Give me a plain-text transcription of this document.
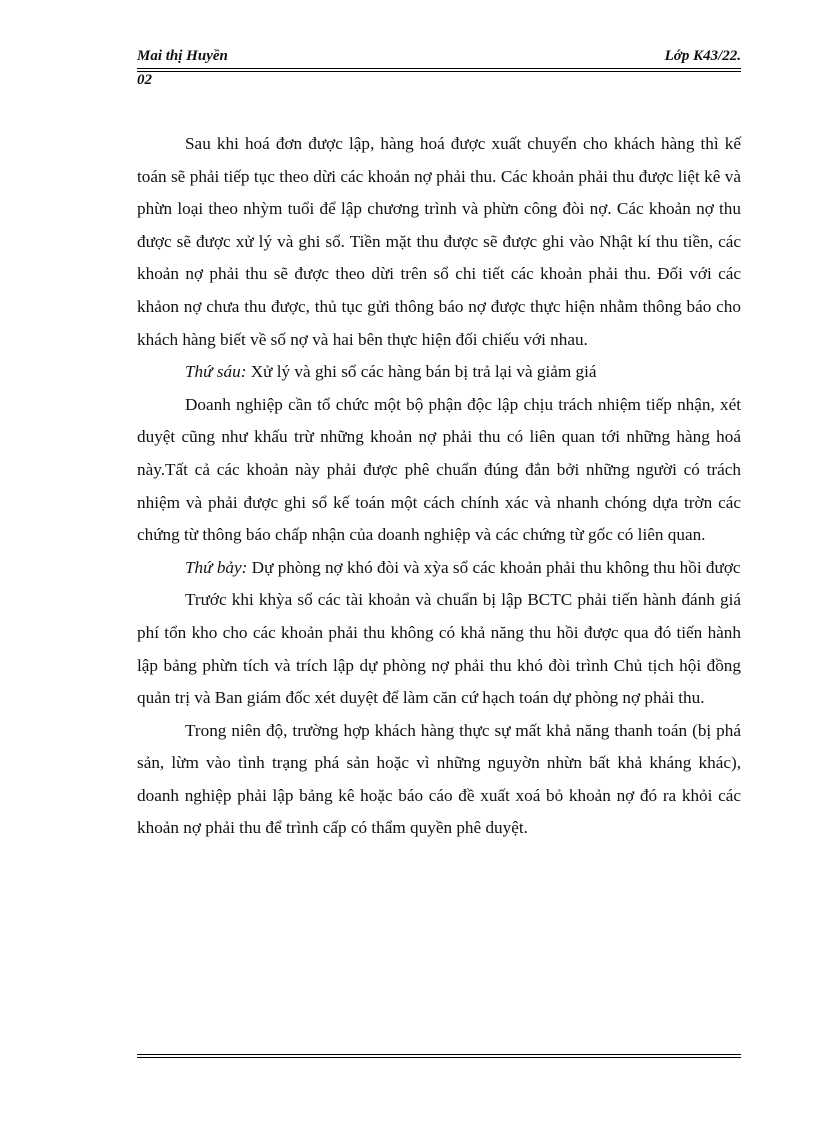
Mai thị Huyền	Lớp K43/22.
02

Sau khi hoá đơn được lập, hàng hoá được xuất chuyển cho khách hàng thì kế toán sẽ phải tiếp tục theo dừi các khoản nợ phải thu. Các khoản phải thu được liệt kê và phừn loại theo nhỳm tuổi để lập chương trình và phừn công đòi nợ. Các khoản nợ thu được sẽ được xử lý và ghi sổ. Tiền mặt thu được sẽ được ghi vào Nhật kí thu tiền, các khoản nợ phải thu sẽ được theo dừi trên sổ chi tiết các khoản phải thu. Đối với các khảon nợ chưa thu được, thủ tục gửi thông báo nợ được thực hiện nhằm thông báo cho khách hàng biết về số nợ và hai bên thực hiện đối chiếu với nhau.

Thứ sáu: Xử lý và ghi sổ các hàng bán bị trả lại và giảm giá

Doanh nghiệp cần tổ chức một bộ phận độc lập chịu trách nhiệm tiếp nhận, xét duyệt cũng như khấu trừ những khoản nợ phải thu có liên quan tới những hàng hoá này.Tất cả các khoản này phải được phê chuẩn đúng đắn bởi những người có trách nhiệm và phải được ghi sổ kế toán một cách chính xác và nhanh chóng dựa trờn các chứng từ thông báo chấp nhận của doanh nghiệp và các chứng từ gốc có liên quan.

Thứ bảy: Dự phòng nợ khó đòi và xỳa sổ các khoản phải thu không thu hồi được

Trước khi khỳa sổ các tài khoản và chuẩn bị lập BCTC phải tiến hành đánh giá phí tổn kho cho các khoản phải thu không có khả năng thu hồi được qua đó tiến hành lập bảng phừn tích và trích lập dự phòng nợ phải thu khó đòi trình Chủ tịch hội đồng quản trị và Ban giám đốc xét duyệt để làm căn cứ hạch toán dự phòng nợ phải thu.

Trong niên độ, trường hợp khách hàng thực sự mất khả năng thanh toán (bị phá sản, lừm vào tình trạng phá sản hoặc vì những nguyờn nhừn bất khả kháng khác), doanh nghiệp phải lập bảng kê hoặc báo cáo đề xuất xoá bỏ khoản nợ đó ra khỏi các khoản nợ phải thu để trình cấp có thẩm quyền phê duyệt.
